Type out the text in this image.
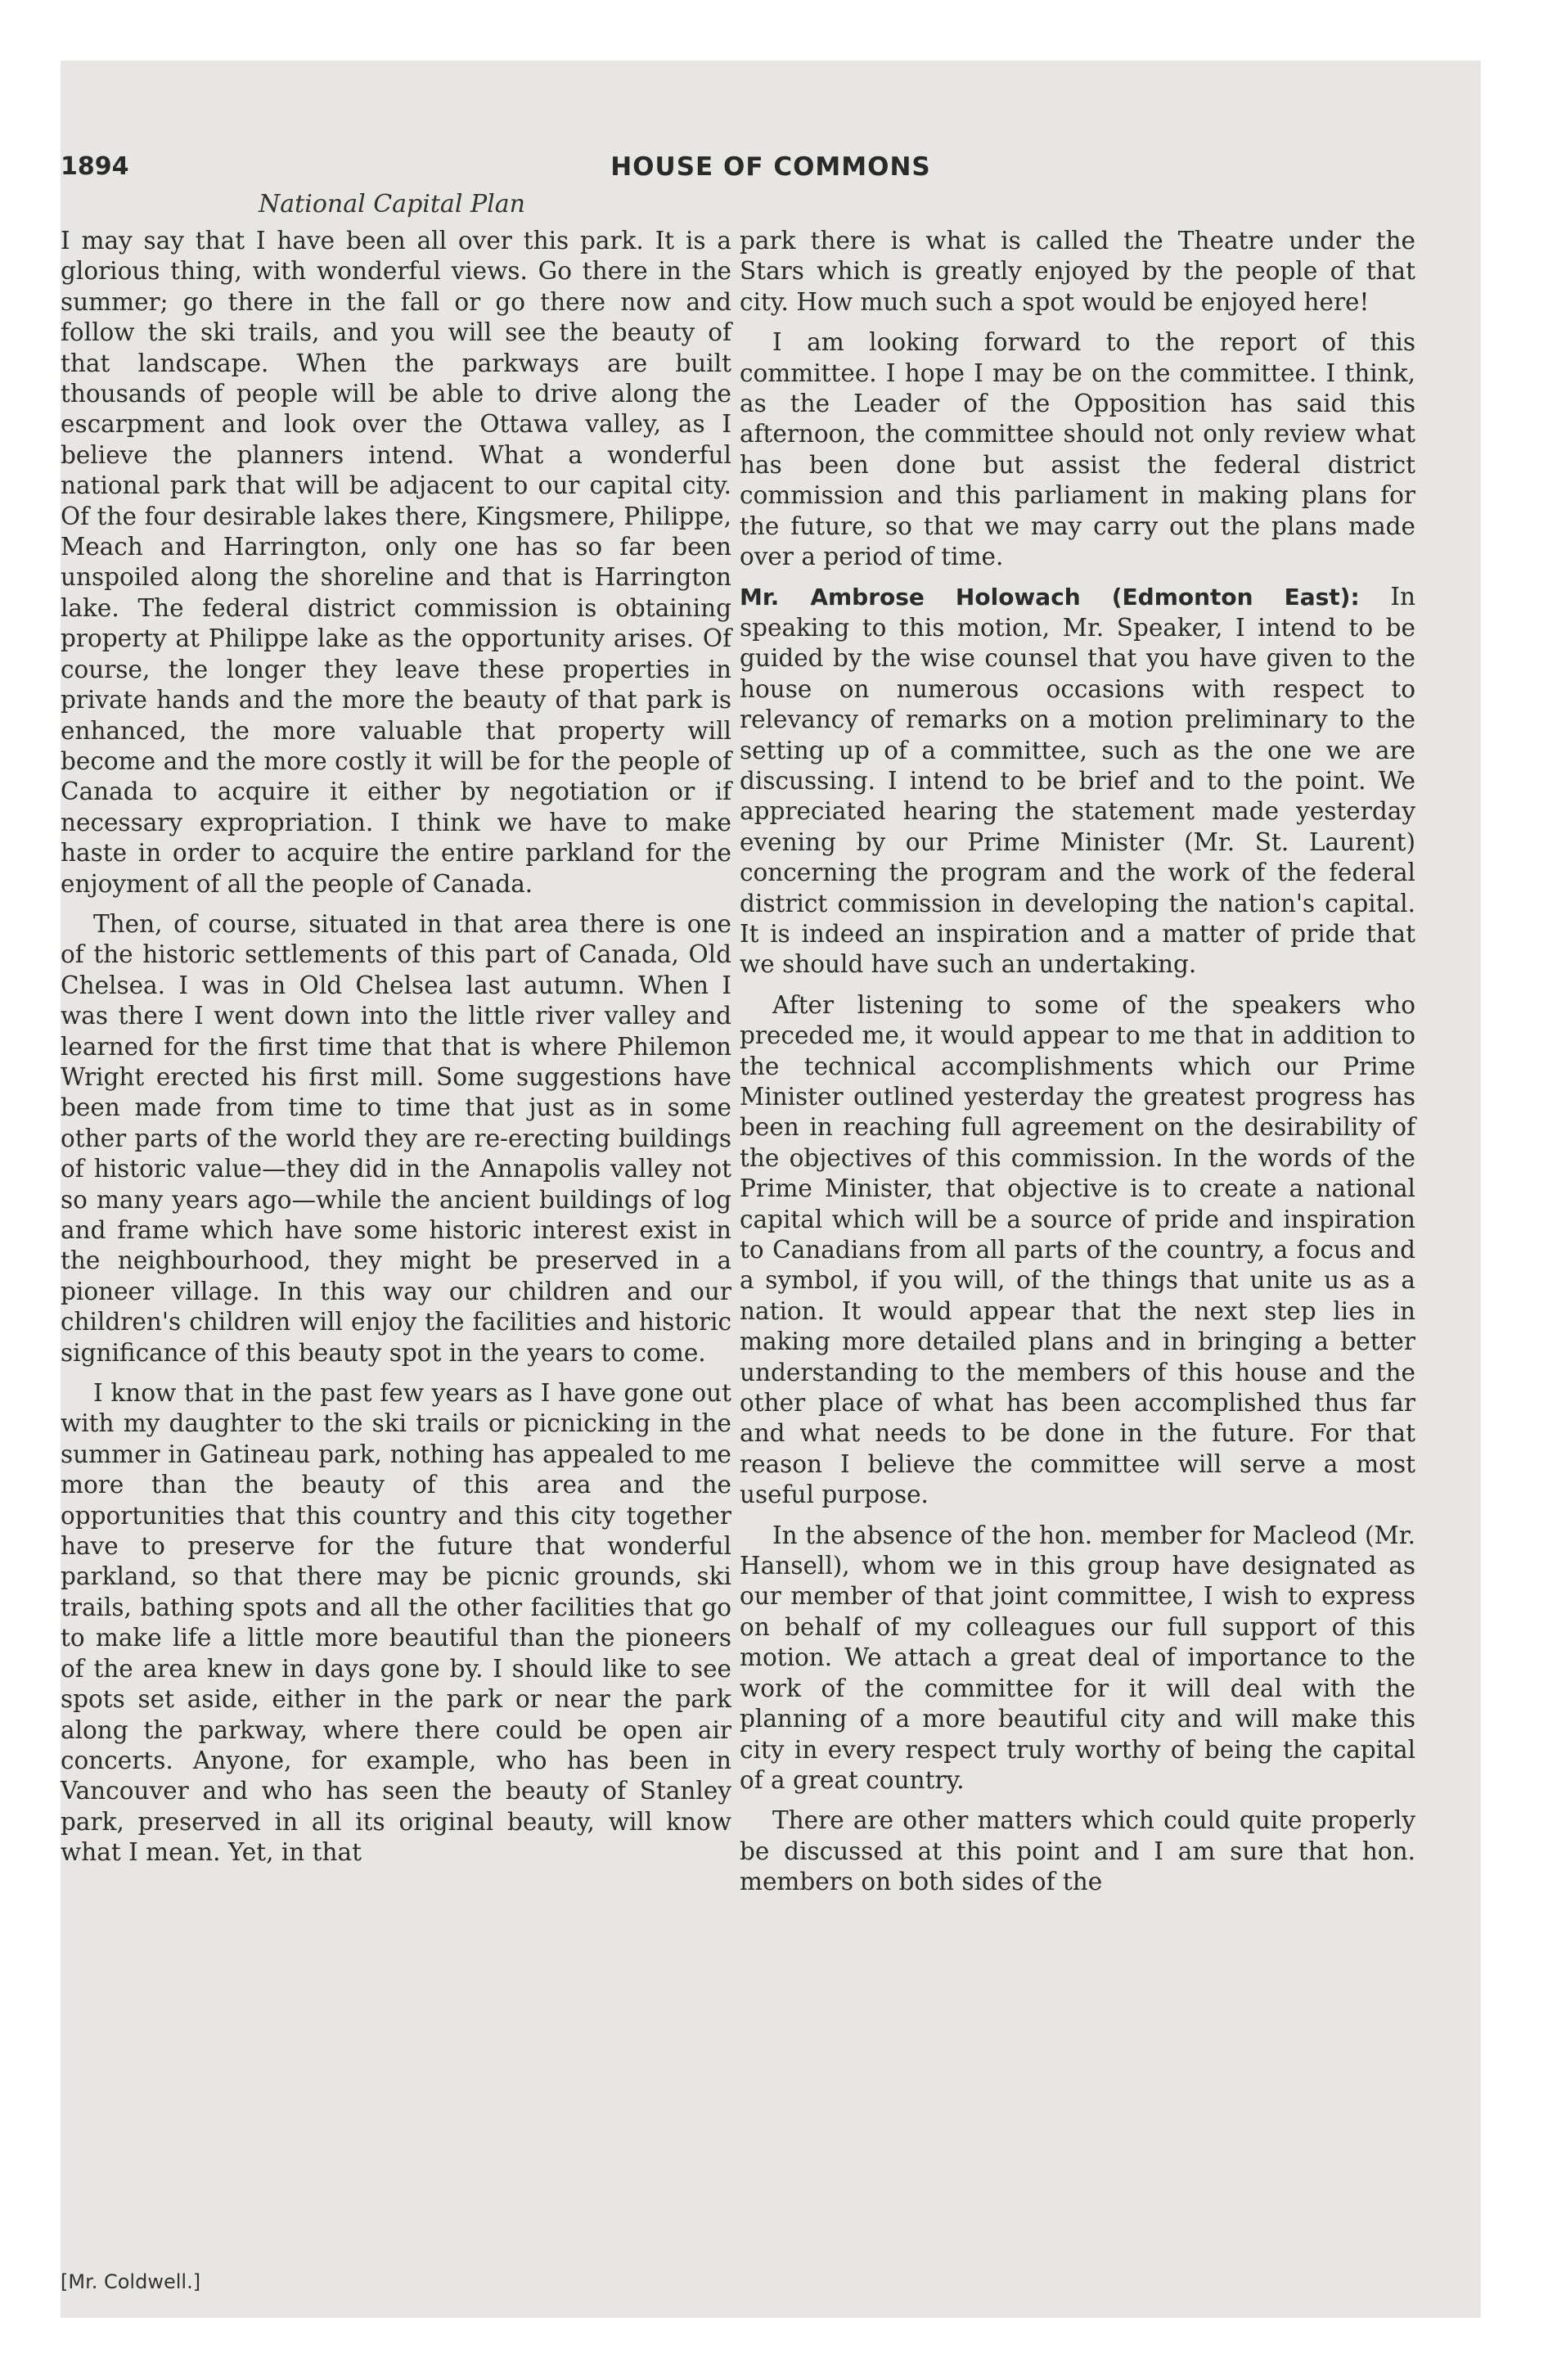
1894	HOUSE OF COMMONS
National Capital Plan

I may say that I have been all over this park. It is a glorious thing, with wonderful views. Go there in the summer; go there in the fall or go there now and follow the ski trails, and you will see the beauty of that landscape. When the parkways are built thousands of people will be able to drive along the escarpment and look over the Ottawa valley, as I believe the planners intend. What a wonderful national park that will be adjacent to our capital city. Of the four desirable lakes there, Kingsmere, Philippe, Meach and Harrington, only one has so far been unspoiled along the shoreline and that is Harrington lake. The federal district commission is obtaining property at Philippe lake as the opportunity arises. Of course, the longer they leave these properties in private hands and the more the beauty of that park is enhanced, the more valuable that property will become and the more costly it will be for the people of Canada to acquire it either by negotiation or if necessary expropriation. I think we have to make haste in order to acquire the entire parkland for the enjoyment of all the people of Canada.

Then, of course, situated in that area there is one of the historic settlements of this part of Canada, Old Chelsea. I was in Old Chelsea last autumn. When I was there I went down into the little river valley and learned for the first time that that is where Philemon Wright erected his first mill. Some suggestions have been made from time to time that just as in some other parts of the world they are re-erecting buildings of historic value—they did in the Annapolis valley not so many years ago—while the ancient buildings of log and frame which have some historic interest exist in the neighbourhood, they might be preserved in a pioneer village. In this way our children and our children's children will enjoy the facilities and historic significance of this beauty spot in the years to come.

I know that in the past few years as I have gone out with my daughter to the ski trails or picnicking in the summer in Gatineau park, nothing has appealed to me more than the beauty of this area and the opportunities that this country and this city together have to preserve for the future that wonderful parkland, so that there may be picnic grounds, ski trails, bathing spots and all the other facilities that go to make life a little more beautiful than the pioneers of the area knew in days gone by. I should like to see spots set aside, either in the park or near the park along the parkway, where there could be open air concerts. Anyone, for example, who has been in Vancouver and who has seen the beauty of Stanley park, preserved in all its original beauty, will know what I mean. Yet, in that

park there is what is called the Theatre under the Stars which is greatly enjoyed by the people of that city. How much such a spot would be enjoyed here!

I am looking forward to the report of this committee. I hope I may be on the committee. I think, as the Leader of the Opposition has said this afternoon, the committee should not only review what has been done but assist the federal district commission and this parliament in making plans for the future, so that we may carry out the plans made over a period of time.

Mr. Ambrose Holowach (Edmonton East): In speaking to this motion, Mr. Speaker, I intend to be guided by the wise counsel that you have given to the house on numerous occasions with respect to relevancy of remarks on a motion preliminary to the setting up of a committee, such as the one we are discussing. I intend to be brief and to the point. We appreciated hearing the statement made yesterday evening by our Prime Minister (Mr. St. Laurent) concerning the program and the work of the federal district commission in developing the nation's capital. It is indeed an inspiration and a matter of pride that we should have such an undertaking.

After listening to some of the speakers who preceded me, it would appear to me that in addition to the technical accomplishments which our Prime Minister outlined yesterday the greatest progress has been in reaching full agreement on the desirability of the objectives of this commission. In the words of the Prime Minister, that objective is to create a national capital which will be a source of pride and inspiration to Canadians from all parts of the country, a focus and a symbol, if you will, of the things that unite us as a nation. It would appear that the next step lies in making more detailed plans and in bringing a better understanding to the members of this house and the other place of what has been accomplished thus far and what needs to be done in the future. For that reason I believe the committee will serve a most useful purpose.

In the absence of the hon. member for Macleod (Mr. Hansell), whom we in this group have designated as our member of that joint committee, I wish to express on behalf of my colleagues our full support of this motion. We attach a great deal of importance to the work of the committee for it will deal with the planning of a more beautiful city and will make this city in every respect truly worthy of being the capital of a great country.

There are other matters which could quite properly be discussed at this point and I am sure that hon. members on both sides of the

[Mr. Coldwell.]
